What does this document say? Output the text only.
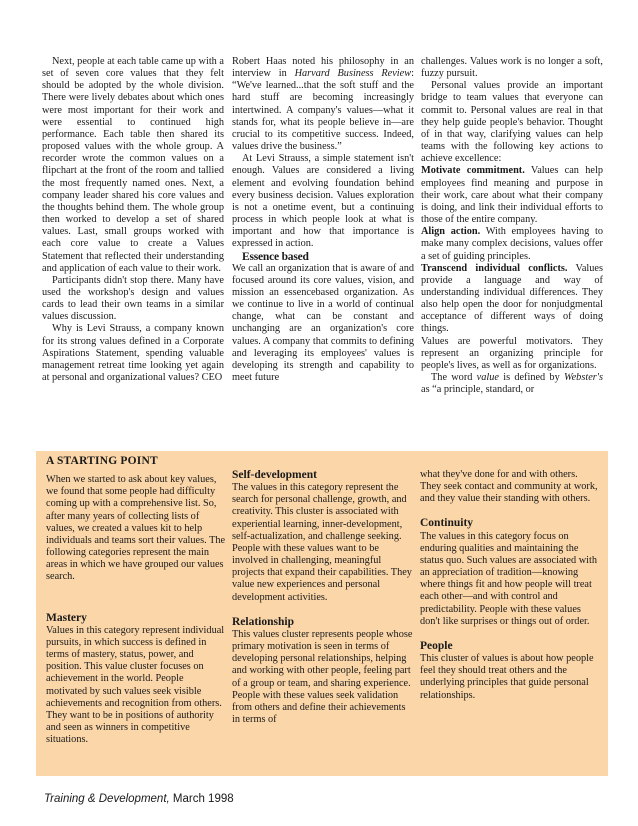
Next, people at each table came up with a set of seven core values that they felt should be adopted by the whole division. There were lively debates about which ones were most important for their work and were essential to continued high performance. Each table then shared its proposed values with the whole group. A recorder wrote the common values on a flipchart at the front of the room and tallied the most frequently named ones. Next, a company leader shared his core values and the thoughts behind them. The whole group then worked to develop a set of shared values. Last, small groups worked with each core value to create a Values Statement that reflected their understanding and application of each value to their work.

Participants didn't stop there. Many have used the workshop's design and values cards to lead their own teams in a similar values discussion.

Why is Levi Strauss, a company known for its strong values defined in a Corporate Aspirations Statement, spending valuable management retreat time looking yet again at personal and organizational values? CEO

Robert Haas noted his philosophy in an interview in Harvard Business Review: “We've learned...that the soft stuff and the hard stuff are becoming increasingly intertwined. A company's values—what it stands for, what its people believe in—are crucial to its competitive success. Indeed, values drive the business.”

At Levi Strauss, a simple statement isn't enough. Values are considered a living element and evolving foundation behind every business decision. Values exploration is not a onetime event, but a continuing process in which people look at what is important and how that importance is expressed in action.

Essence based

We call an organization that is aware of and focused around its core values, vision, and mission an essencebased organization. As we continue to live in a world of continual change, what can be constant and unchanging are an organization's core values. A company that commits to defining and leveraging its employees' values is developing its strength and capability to meet future

challenges. Values work is no longer a soft, fuzzy pursuit.

Personal values provide an important bridge to team values that everyone can commit to. Personal values are real in that they help guide people's behavior. Thought of in that way, clarifying values can help teams with the following key actions to achieve excellence:

Motivate commitment. Values can help employees find meaning and purpose in their work, care about what their company is doing, and link their individual efforts to those of the entire company.

Align action. With employees having to make many complex decisions, values offer a set of guiding principles.

Transcend individual conflicts. Values provide a language and way of understanding individual differences. They also help open the door for nonjudgmental acceptance of different ways of doing things.

Values are powerful motivators. They represent an organizing principle for people's lives, as well as for organizations.

The word value is defined by Webster's as “a principle, standard, or

A STARTING POINT

When we started to ask about key values, we found that some people had difficulty coming up with a comprehensive list. So, after many years of collecting lists of values, we created a values kit to help individuals and teams sort their values. The following categories represent the main areas in which we have grouped our values search.

Mastery

Values in this category represent individual pursuits, in which success is defined in terms of mastery, status, power, and position. This value cluster focuses on achievement in the world. People motivated by such values seek visible achievements and recognition from others. They want to be in positions of authority and seen as winners in competitive situations.

Self-development

The values in this category represent the search for personal challenge, growth, and creativity. This cluster is associated with experiential learning, inner-development, self-actualization, and challenge seeking. People with these values want to be involved in challenging, meaningful projects that expand their capabilities. They value new experiences and personal development activities.

Relationship

This values cluster represents people whose primary motivation is seen in terms of developing personal relationships, helping and working with other people, feeling part of a group or team, and sharing experience. People with these values seek validation from others and define their achievements in terms of

what they've done for and with others. They seek contact and community at work, and they value their standing with others.

Continuity

The values in this category focus on enduring qualities and maintaining the status quo. Such values are associated with an appreciation of tradition—knowing where things fit and how people will treat each other—and with control and predictability. People with these values don't like surprises or things out of order.

People

This cluster of values is about how people feel they should treat others and the underlying principles that guide personal relationships.

Training & Development, March 1998
